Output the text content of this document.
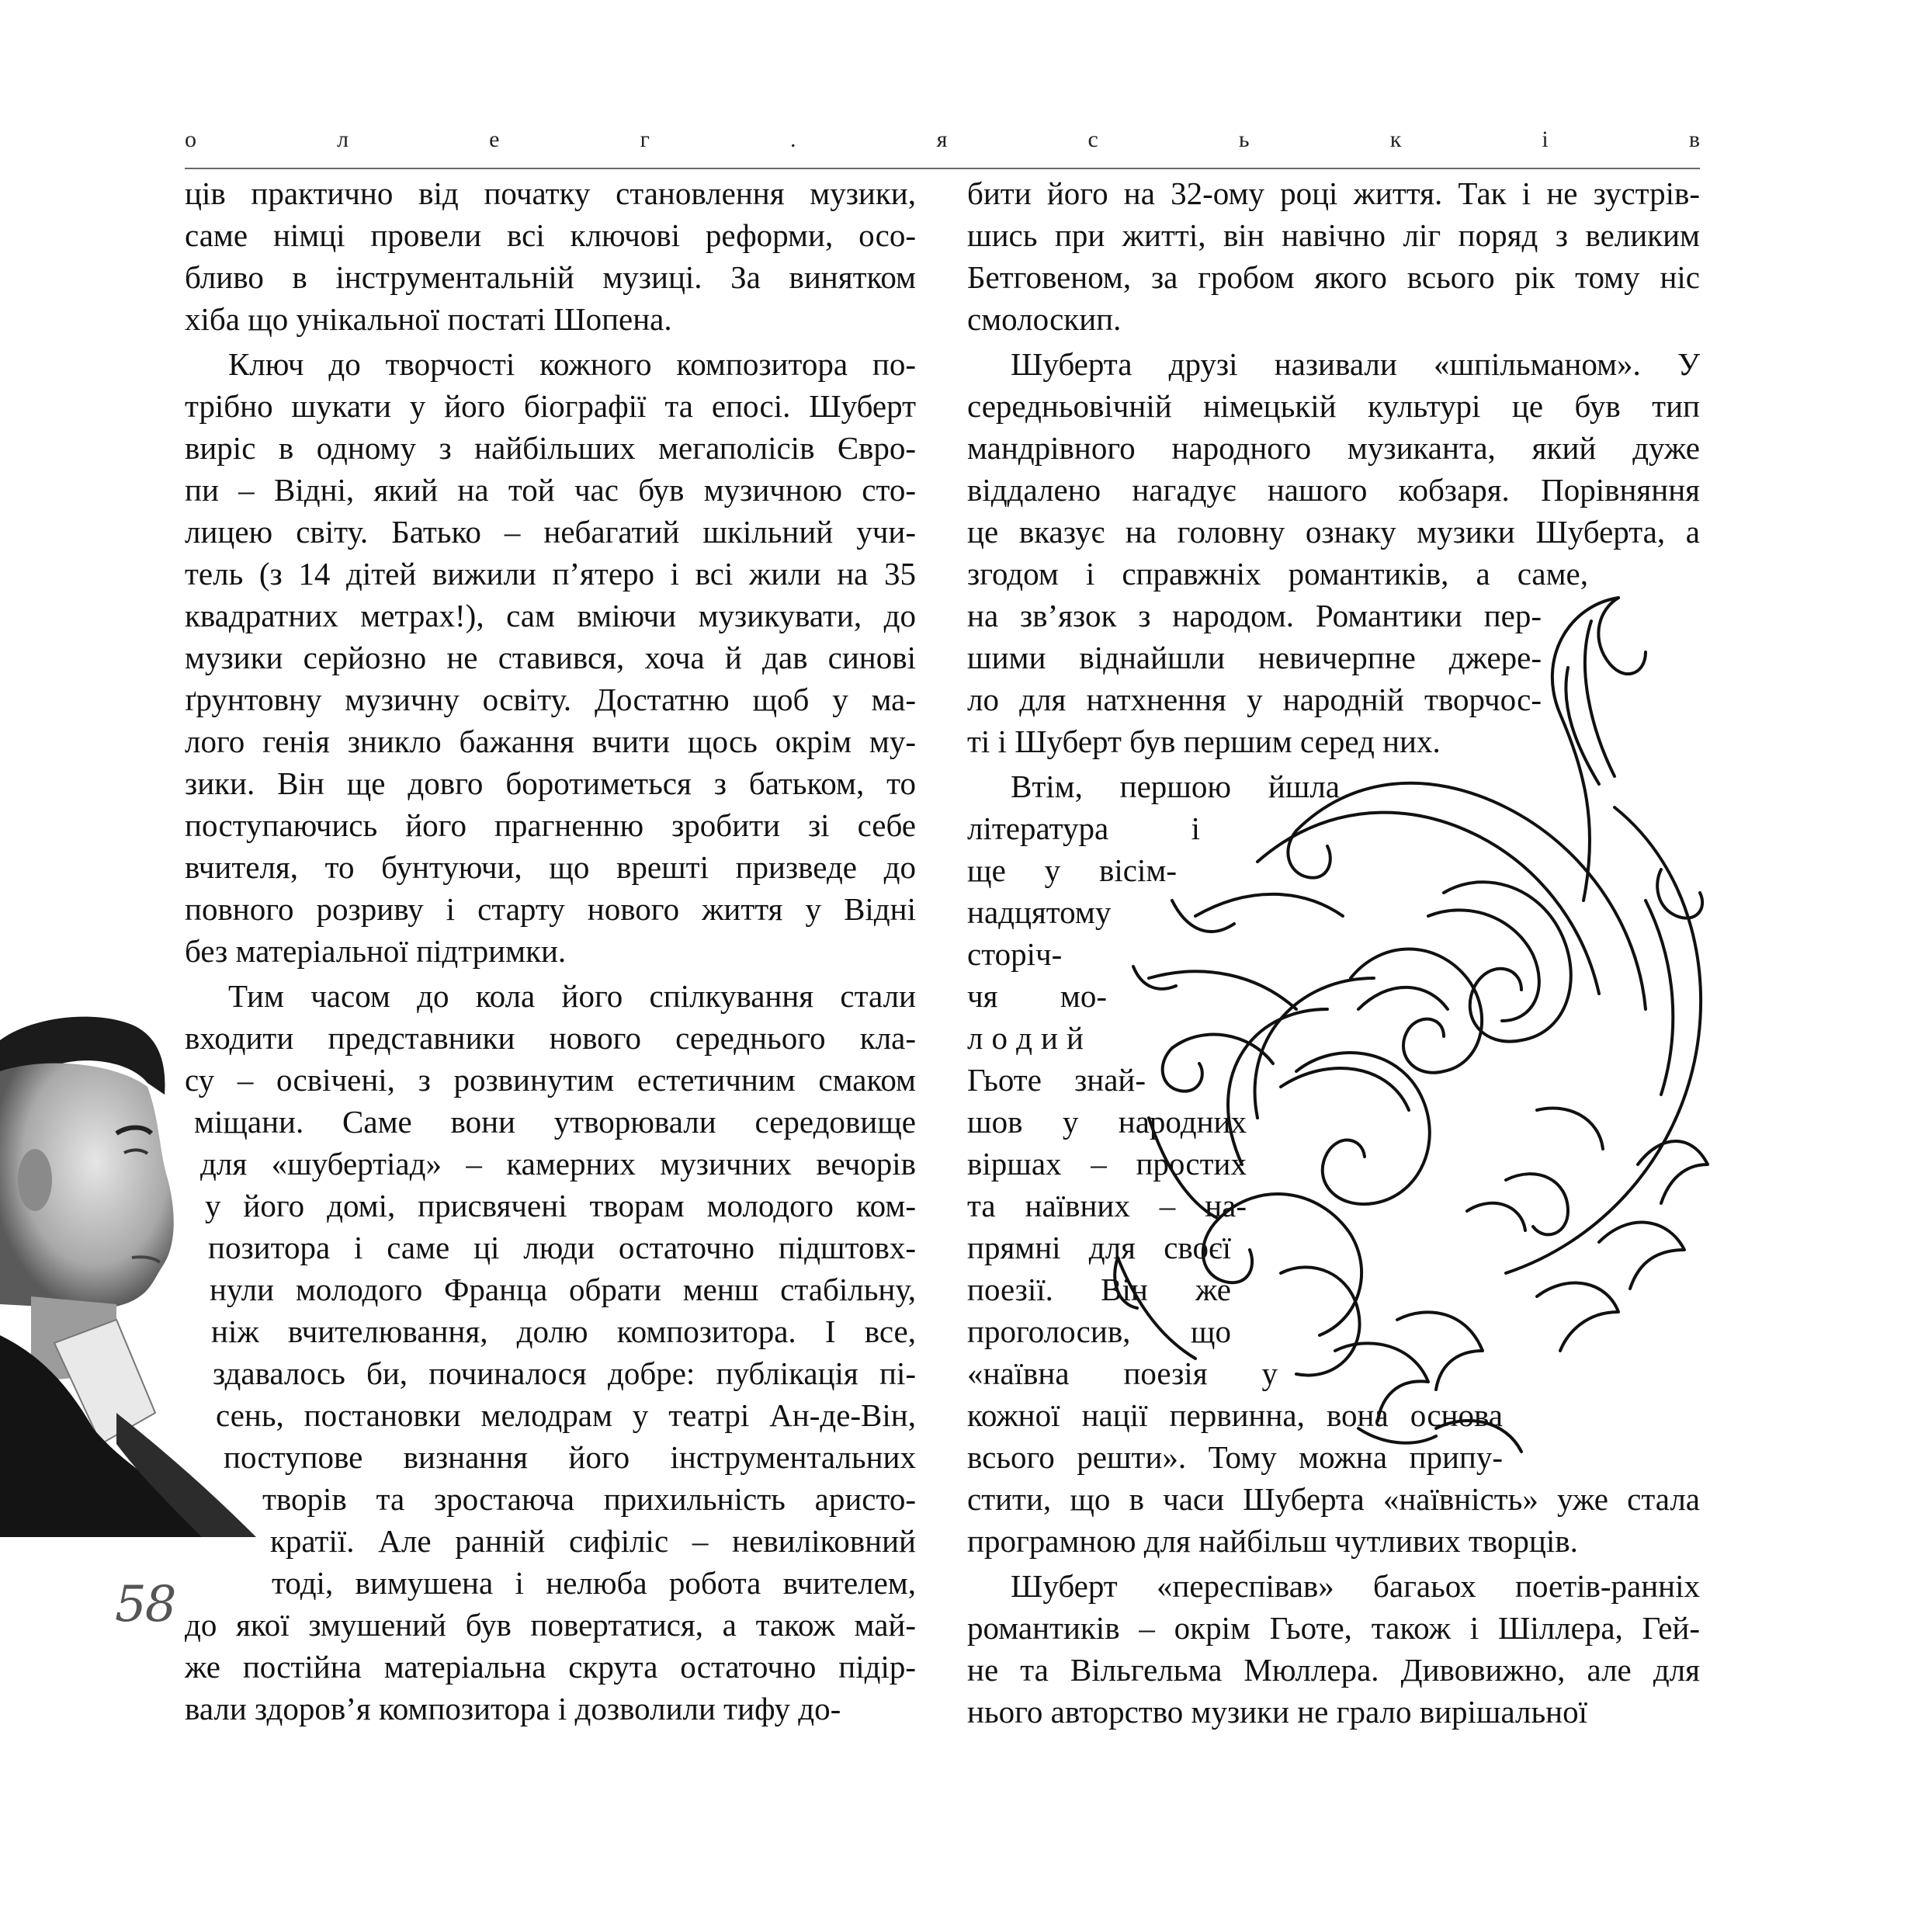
о	л	е	г	.	я	с	ь	к	і	в

ців практично від початку становлення музики,
саме німці провели всі ключові реформи, осо-
бливо в інструментальній музиці. За винятком
хіба що унікальної постаті Шопена.

Ключ до творчості кожного композитора по-
трібно шукати у його біографії та епосі. Шуберт
виріс в одному з найбільших мегаполісів Євро-
пи – Відні, який на той час був музичною сто-
лицею світу. Батько – небагатий шкільний учи-
тель (з 14 дітей вижили п’ятеро і всі жили на 35
квадратних метрах!), сам вміючи музикувати, до
музики серйозно не ставився, хоча й дав синові
ґрунтовну музичну освіту. Достатню щоб у ма-
лого генія зникло бажання вчити щось окрім му-
зики. Він ще довго боротиметься з батьком, то
поступаючись його прагненню зробити зі себе
вчителя, то бунтуючи, що врешті призведе до
повного розриву і старту нового життя у Відні
без матеріальної підтримки.

Тим часом до кола його спілкування стали
входити представники нового середнього кла-
су – освічені, з розвинутим естетичним смаком
міщани. Саме вони утворювали середовище
для «шубертіад» – камерних музичних вечорів
у його домі, присвячені творам молодого ком-
позитора і саме ці люди остаточно підштовх-
нули молодого Франца обрати менш стабільну,
ніж вчителювання, долю композитора. І все,
здавалось би, починалося добре: публікація пі-
сень, постановки мелодрам у театрі Ан-де-Він,
поступове визнання його інструментальних
творів та зростаюча прихильність аристо-
кратії. Але ранній сифіліс – невиліковний
тоді, вимушена і нелюба робота вчителем,
до якої змушений був повертатися, а також май-
же постійна матеріальна скрута остаточно підір-
вали здоров’я композитора і дозволили тифу до-

бити його на 32-ому році життя. Так і не зустрів-
шись при житті, він навічно ліг поряд з великим
Бетговеном, за гробом якого всього рік тому ніс
смолоскип.

Шуберта друзі називали «шпільманом». У
середньовічній німецькій культурі це був тип
мандрівного народного музиканта, який дуже
віддалено нагадує нашого кобзаря. Порівняння
це вказує на головну ознаку музики Шуберта, а
згодом і справжніх романтиків, а саме,
на зв’язок з народом. Романтики пер-
шими віднайшли невичерпне джере-
ло для натхнення у народній творчос-
ті і Шуберт був першим серед них.

Втім, першою йшла
література і
ще у вісім-
надцятому
сторіч-
чя мо-
л о д и й
Гьоте знай-
шов у народних
віршах – простих
та наївних – на-
прямні для своєї
поезії. Він же
проголосив, що
«наївна поезія у
кожної нації первинна, вона основа
всього решти». Тому можна припу-
стити, що в часи Шуберта «наївність» уже стала
програмною для найбільш чутливих творців.

Шуберт «переспівав» багаьох поетів-ранніх
романтиків – окрім Гьоте, також і Шіллера, Гей-
не та Вільгельма Мюллера. Дивовижно, але для
нього авторство музики не грало вирішальної

58
